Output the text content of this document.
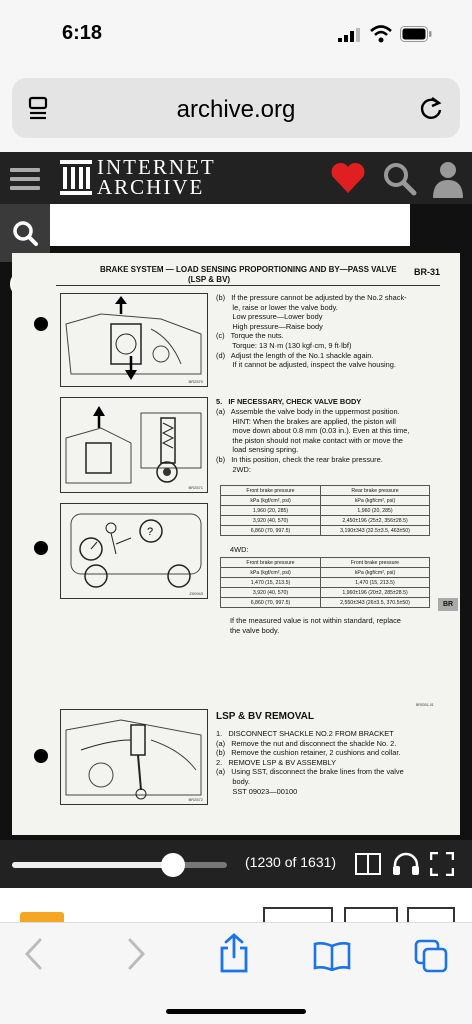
6:18
archive.org
INTERNET
ARCHIVE
BRAKE SYSTEM — LOAD SENSING PROPORTIONING AND BY—PASS VALVE
(LSP & BV)
BR-31
BR2570
(b)   If the pressure cannot be adjusted by the No.2 shack-
le, raise or lower the valve body.
Low pressure—Lower body
High pressure—Raise body
(c)   Torque the nuts.
Torque: 13 N·m (130 kgf·cm, 9 ft·lbf)
(d)   Adjust the length of the No.1 shackle again.
If it cannot be adjusted, inspect the valve housing.
BR2571
5.   IF NECESSARY, CHECK VALVE BODY
(a)   Assemble the valve body in the uppermost position.
HINT: When the brakes are applied, the piston will
move down about 0.8 mm (0.03 in.). Even at this time,
the piston should not make contact with or move the
load sensing spring.
(b)   In this position, check the rear brake pressure.
2WD:
?
Z00943
Front brake pressure	Rear brake pressure
kPa (kgf/cm², psi)	kPa (kgf/cm², psi)
1,960 (20, 285)	1,960 (20, 285)
3,920 (40, 570)	2,450±196 (25±2, 356±28.5)
6,860 (70, 997.5)	3,190±343 (32.5±3.5, 463±50)
4WD:
Front brake pressure	Front brake pressure
kPa (kgf/cm², psi)	kPa (kgf/cm², psi)
1,470 (15, 213.5)	1,470 (15, 213.5)
3,920 (40, 570)	1,960±196 (20±2, 285±28.5)
6,860 (70, 997.5)	2,550±343 (26±3.5, 370.5±50)	BR
If the measured value is not within standard, replace
the valve body.
BR0301-01
LSP & BV REMOVAL
BR2572
1.   DISCONNECT SHACKLE NO.2 FROM BRACKET
(a)   Remove the nut and disconnect the shackle No. 2.
(b)   Remove the cushion retainer, 2 cushions and collar.
2.   REMOVE LSP & BV ASSEMBLY
(a)   Using SST, disconnect the brake lines from the valve
body.
SST 09023—00100
(1230 of 1631)
